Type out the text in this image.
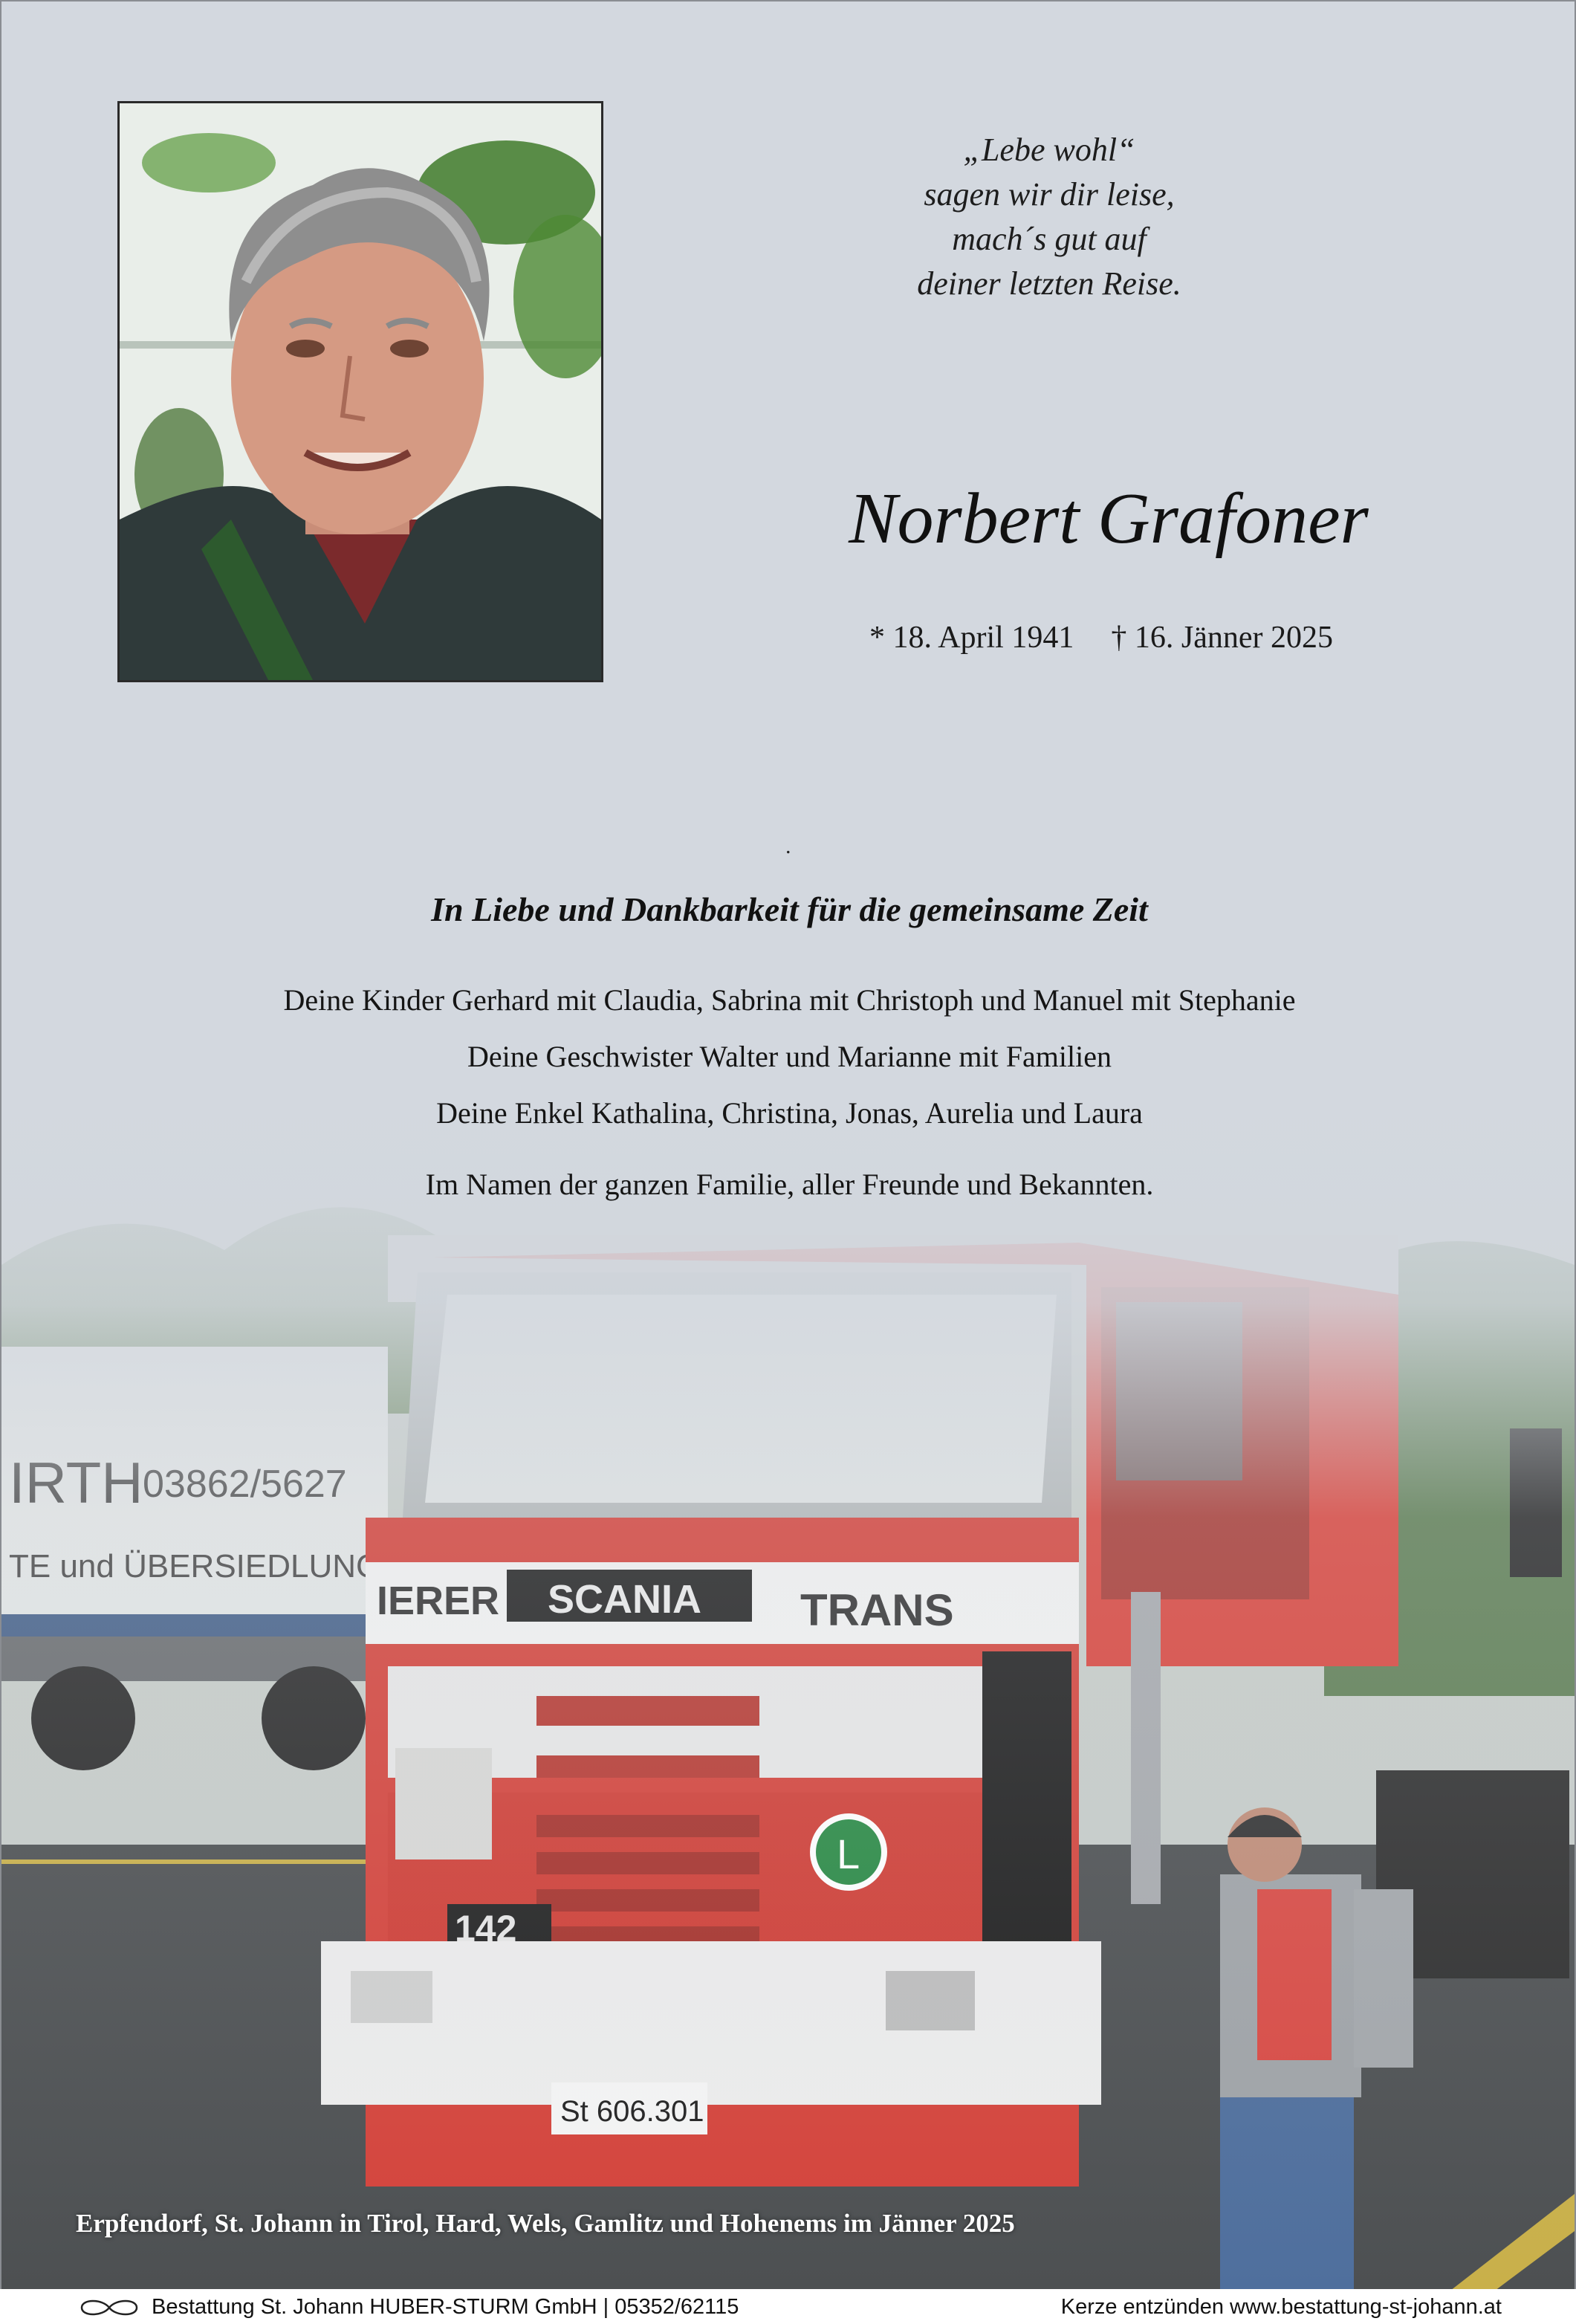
„Lebe wohl“
sagen wir dir leise,
mach´s gut auf
deiner letzten Reise.
Norbert Grafoner
* 18. April 1941 † 16. Jänner 2025
.
In Liebe und Dankbarkeit für die gemeinsame Zeit
Deine Kinder Gerhard mit Claudia, Sabrina mit Christoph und Manuel mit Stephanie
Deine Geschwister Walter und Marianne mit Familien
Deine Enkel Kathalina, Christina, Jonas, Aurelia und Laura
Im Namen der ganzen Familie, aller Freunde und Bekannten.
Erpfendorf, St. Johann in Tirol, Hard, Wels, Gamlitz und Hohenems im Jänner 2025
Bestattung St. Johann HUBER-STURM GmbH | 05352/62115	Kerze entzünden www.bestattung-st-johann.at
